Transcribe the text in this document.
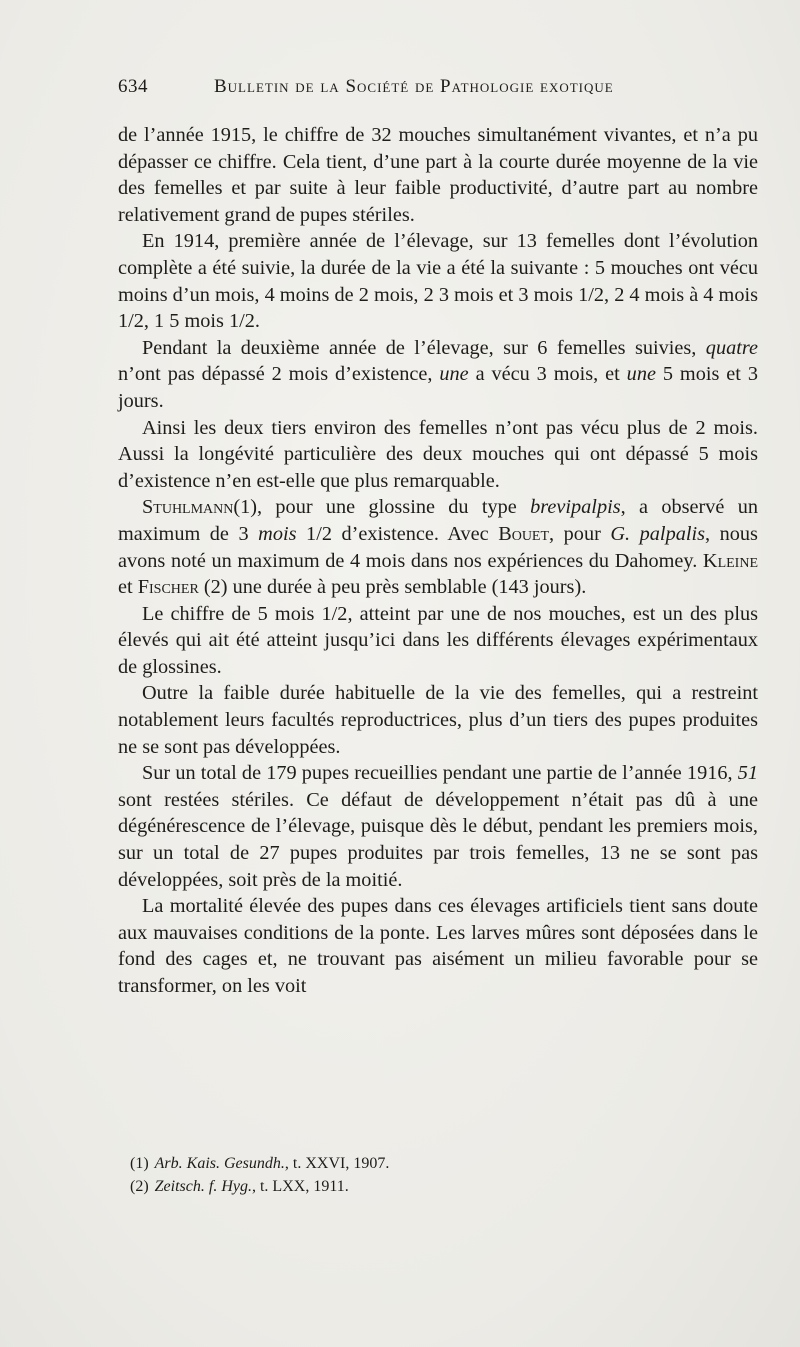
634	Bulletin de la Société de Pathologie exotique

de l’année 1915, le chiffre de 32 mouches simultanément vivantes, et n’a pu dépasser ce chiffre. Cela tient, d’une part à la courte durée moyenne de la vie des femelles et par suite à leur faible productivité, d’autre part au nombre relativement grand de pupes stériles.

En 1914, première année de l’élevage, sur 13 femelles dont l’évolution complète a été suivie, la durée de la vie a été la suivante : 5 mouches ont vécu moins d’un mois, 4 moins de 2 mois, 2 3 mois et 3 mois 1/2, 2 4 mois à 4 mois 1/2, 1 5 mois 1/2.

Pendant la deuxième année de l’élevage, sur 6 femelles suivies, quatre n’ont pas dépassé 2 mois d’existence, une a vécu 3 mois, et une 5 mois et 3 jours.

Ainsi les deux tiers environ des femelles n’ont pas vécu plus de 2 mois. Aussi la longévité particulière des deux mouches qui ont dépassé 5 mois d’existence n’en est-elle que plus remarquable.

Stuhlmann(1), pour une glossine du type brevipalpis, a observé un maximum de 3 mois 1/2 d’existence. Avec Bouet, pour G. palpalis, nous avons noté un maximum de 4 mois dans nos expériences du Dahomey. Kleine et Fischer (2) une durée à peu près semblable (143 jours).

Le chiffre de 5 mois 1/2, atteint par une de nos mouches, est un des plus élevés qui ait été atteint jusqu’ici dans les différents élevages expérimentaux de glossines.

Outre la faible durée habituelle de la vie des femelles, qui a restreint notablement leurs facultés reproductrices, plus d’un tiers des pupes produites ne se sont pas développées.

Sur un total de 179 pupes recueillies pendant une partie de l’année 1916, 51 sont restées stériles. Ce défaut de développement n’était pas dû à une dégénérescence de l’élevage, puisque dès le début, pendant les premiers mois, sur un total de 27 pupes produites par trois femelles, 13 ne se sont pas développées, soit près de la moitié.

La mortalité élevée des pupes dans ces élevages artificiels tient sans doute aux mauvaises conditions de la ponte. Les larves mûres sont déposées dans le fond des cages et, ne trouvant pas aisément un milieu favorable pour se transformer, on les voit

(1) Arb. Kais. Gesundh., t. XXVI, 1907.
(2) Zeitsch. f. Hyg., t. LXX, 1911.
